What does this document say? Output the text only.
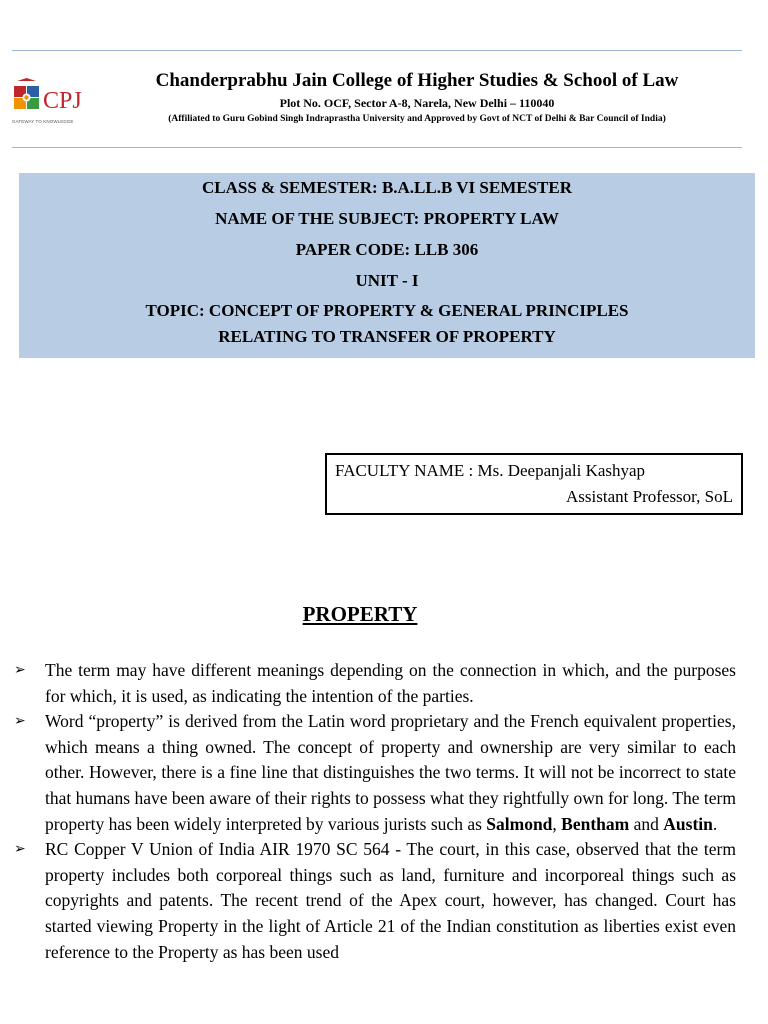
CPJ
GATEWAY TO KNOWLEDGE
Chanderprabhu Jain College of Higher Studies & School of Law
Plot No. OCF, Sector A-8, Narela, New Delhi – 110040
(Affiliated to Guru Gobind Singh Indraprastha University and Approved by Govt of NCT of Delhi & Bar Council of India)
CLASS & SEMESTER: B.A.LL.B VI SEMESTER
NAME OF THE SUBJECT: PROPERTY LAW
PAPER CODE: LLB 306
UNIT - I
TOPIC: CONCEPT OF PROPERTY & GENERAL PRINCIPLES
RELATING TO TRANSFER OF PROPERTY
FACULTY NAME : Ms. Deepanjali Kashyap
Assistant Professor, SoL
PROPERTY
➢	The term may have different meanings depending on the connection in which, and the purposes for which, it is used, as indicating the intention of the parties.
➢	Word “property” is derived from the Latin word proprietary and the French equivalent properties, which means a thing owned. The concept of property and ownership are very similar to each other. However, there is a fine line that distinguishes the two terms. It will not be incorrect to state that humans have been aware of their rights to possess what they rightfully own for long. The term property has been widely interpreted by various jurists such as Salmond, Bentham and Austin.
➢	RC Copper V Union of India AIR 1970 SC 564 - The court, in this case, observed that the term property includes both corporeal things such as land, furniture and incorporeal things such as copyrights and patents. The recent trend of the Apex court, however, has changed. Court has started viewing Property in the light of Article 21 of the Indian constitution as liberties exist even reference to the Property as has been used
